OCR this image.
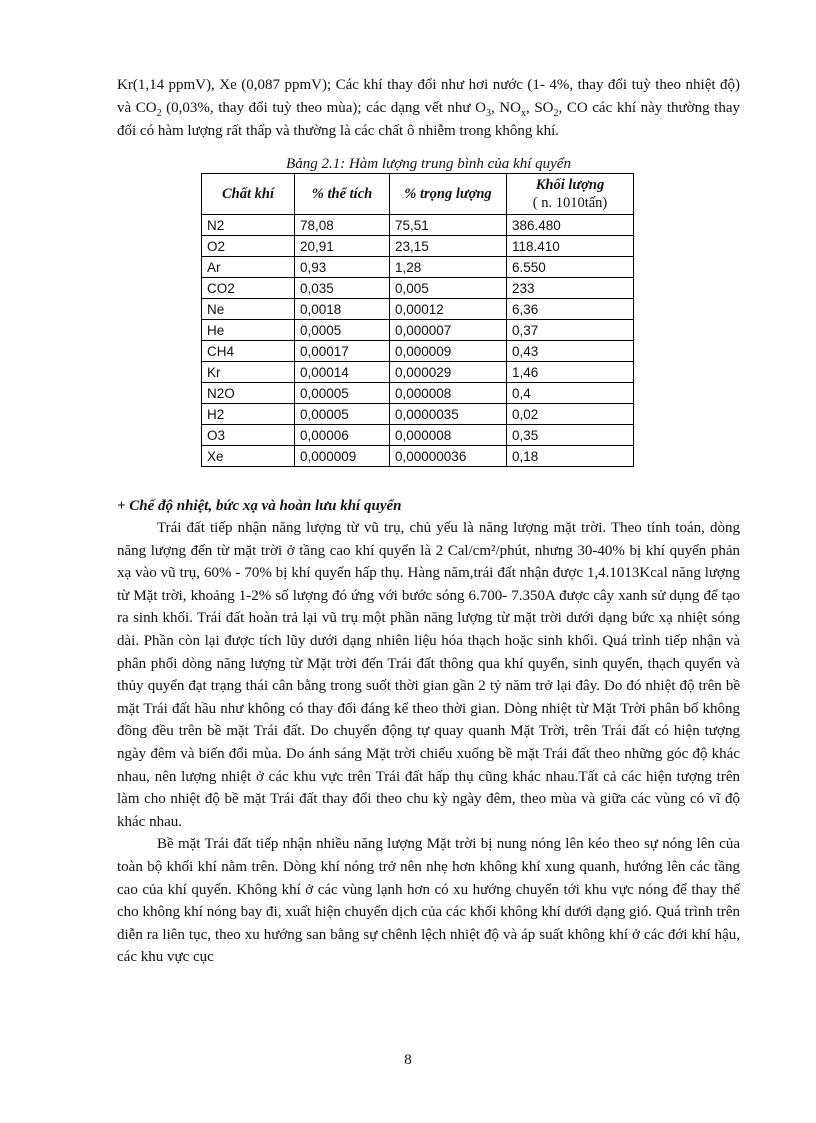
Kr(1,14 ppmV), Xe (0,087 ppmV); Các khí thay đổi như hơi nước (1- 4%, thay đổi tuỳ theo nhiệt độ) và $CO_2$ (0,03%, thay đổi tuỳ theo mùa); các dạng vết như $O_3$, $NO_x$, $SO_2$, CO các khí này thường thay đổi có hàm lượng rất thấp và thường là các chất ô nhiễm trong không khí.

Bảng 2.1: Hàm lượng trung bình của khí quyển

Chất khí	% thể tích	% trọng lượng	Khối lượng
( n. 1010tấn)

N2	78,08	75,51	386.480
O2	20,91	23,15	118.410
Ar	0,93	1,28	6.550
CO2	0,035	0,005	233
Ne	0,0018	0,00012	6,36
He	0,0005	0,000007	0,37
CH4	0,00017	0,000009	0,43
Kr	0,00014	0,000029	1,46
N2O	0,00005	0,000008	0,4
H2	0,00005	0,0000035	0,02
O3	0,00006	0,000008	0,35
Xe	0,000009	0,00000036	0,18

+ Chế độ nhiệt, bức xạ và hoàn lưu khí quyển

Trái đất tiếp nhận năng lượng từ vũ trụ, chủ yếu là năng lượng mặt trời. Theo tính toán, dòng năng lượng đến từ mặt trời ở tầng cao khí quyển là 2 Cal/cm²/phút, nhưng 30-40% bị khí quyển phản xạ vào vũ trụ, 60% - 70% bị khí quyển hấp thụ. Hàng năm,trái đất nhận được 1,4.1013Kcal năng lượng từ Mặt trời, khoảng 1-2% số lượng đó ứng với bước sóng 6.700- 7.350A được cây xanh sử dụng để tạo ra sinh khối. Trái đất hoàn trả lại vũ trụ một phần năng lượng từ mặt trời dưới dạng bức xạ nhiệt sóng dài. Phần còn lại được tích lũy dưới dạng nhiên liệu hóa thạch hoặc sinh khối. Quá trình tiếp nhận và phân phối dòng năng lượng từ Mặt trời đến Trái đất thông qua khí quyển, sinh quyển, thạch quyển và thủy quyển đạt trạng thái cân bằng trong suốt thời gian gần 2 tỷ năm trở lại đây. Do đó nhiệt độ trên bề mặt Trái đất hầu như không có thay đổi đáng kể theo thời gian. Dòng nhiệt từ Mặt Trời phân bố không đồng đều trên bề mặt Trái đất. Do chuyển động tự quay quanh Mặt Trời, trên Trái đất có hiện tượng ngày đêm và biến đổi mùa. Do ánh sáng Mặt trời chiếu xuống bề mặt Trái đất theo những góc độ khác nhau, nên lượng nhiệt ở các khu vực trên Trái đất hấp thụ cũng khác nhau.Tất cả các hiện tượng trên làm cho nhiệt độ bề mặt Trái đất thay đổi theo chu kỳ ngày đêm, theo mùa và giữa các vùng có vĩ độ khác nhau.

Bề mặt Trái đất tiếp nhận nhiều năng lượng Mặt trời bị nung nóng lên kéo theo sự nóng lên của toàn bộ khối khí nằm trên. Dòng khí nóng trở nên nhẹ hơn không khí xung quanh, hướng lên các tầng cao của khí quyển. Không khí ở các vùng lạnh hơn có xu hướng chuyển tới khu vực nóng để thay thế cho không khí nóng bay đi, xuất hiện chuyển dịch của các khối không khí dưới dạng gió. Quá trình trên diễn ra liên tục, theo xu hướng san bằng sự chênh lệch nhiệt độ và áp suất không khí ở các đới khí hậu, các khu vực cục

8
